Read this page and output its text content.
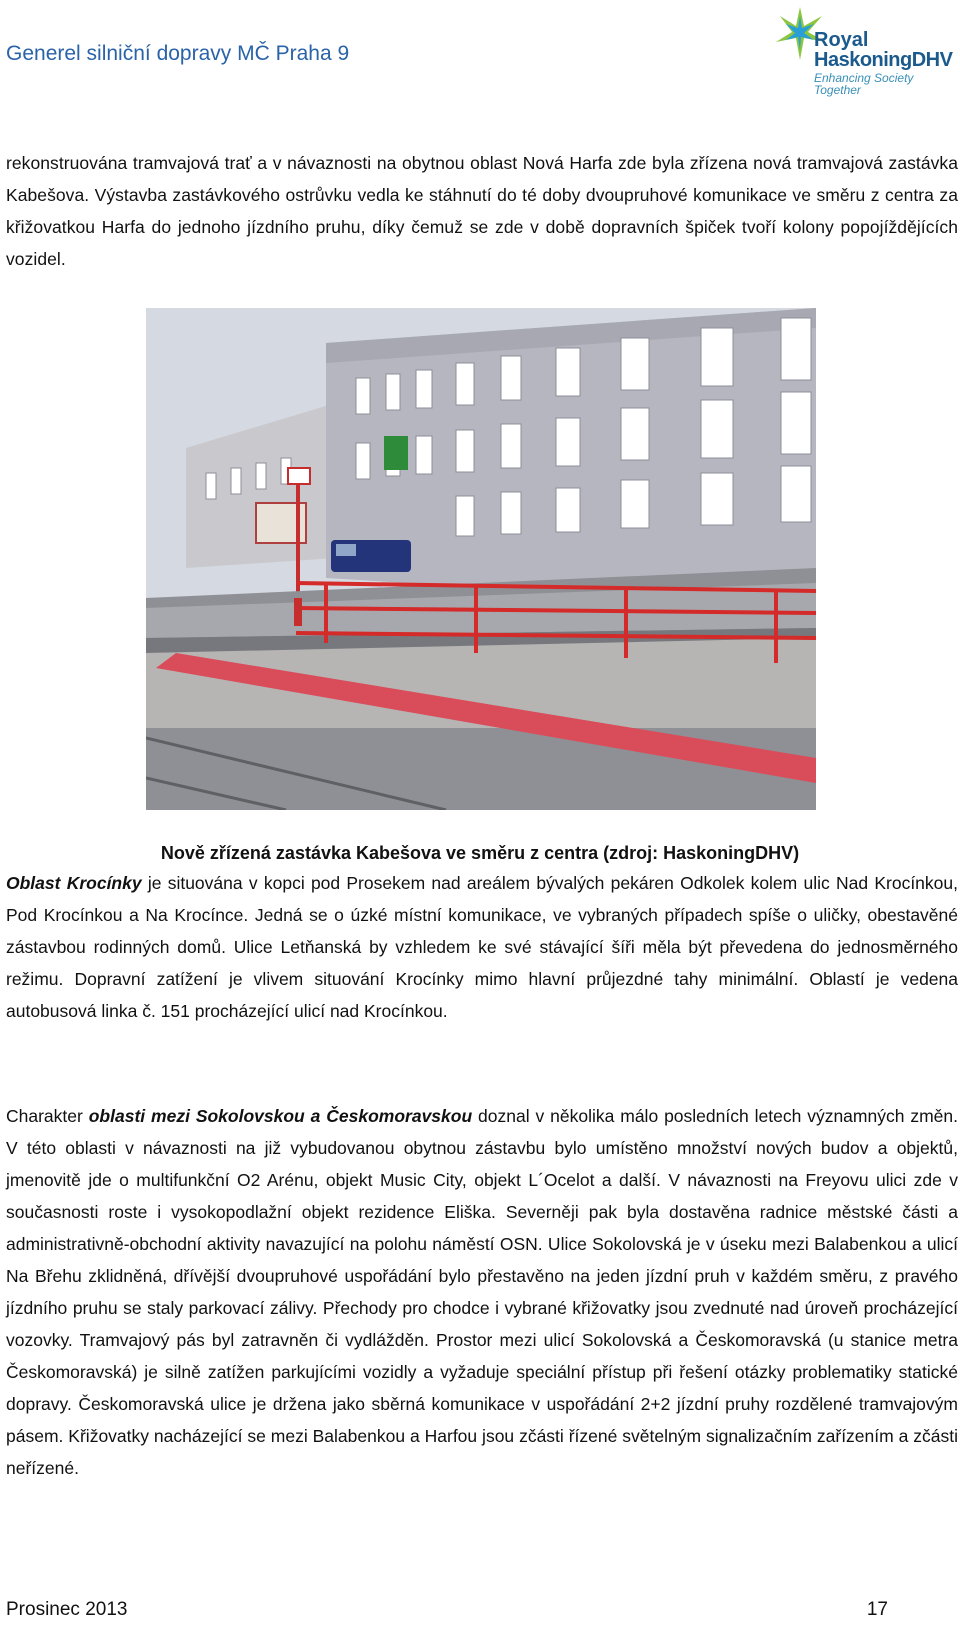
Generel silniční dopravy MČ Praha 9
Royal
HaskoningDHV
Enhancing Society Together

rekonstruována tramvajová trať a v návaznosti na obytnou oblast Nová Harfa zde byla zřízena nová tramvajová zastávka Kabešova. Výstavba zastávkového ostrůvku vedla ke stáhnutí do té doby dvoupruhové komunikace ve směru z centra za křižovatkou Harfa do jednoho jízdního pruhu, díky čemuž se zde v době dopravních špiček tvoří kolony popojíždějících vozidel.

Nově zřízená zastávka Kabešova ve směru z centra (zdroj: HaskoningDHV)

Oblast Krocínky je situována v kopci pod Prosekem nad areálem bývalých pekáren Odkolek kolem ulic Nad Krocínkou, Pod Krocínkou a Na Krocínce. Jedná se o úzké místní komunikace, ve vybraných případech spíše o uličky, obestavěné zástavbou rodinných domů. Ulice Letňanská by vzhledem ke své stávající šíři měla být převedena do jednosměrného režimu. Dopravní zatížení je vlivem situování Krocínky mimo hlavní průjezdné tahy minimální. Oblastí je vedena autobusová linka č. 151 procházející ulicí nad Krocínkou.

Charakter oblasti mezi Sokolovskou a Českomoravskou doznal v několika málo posledních letech významných změn. V této oblasti v návaznosti na již vybudovanou obytnou zástavbu bylo umístěno množství nových budov a objektů, jmenovitě jde o multifunkční O2 Arénu, objekt Music City, objekt L´Ocelot a další. V návaznosti na Freyovu ulici zde v současnosti roste i vysokopodlažní objekt rezidence Eliška. Severněji pak byla dostavěna radnice městské části a administrativně-obchodní aktivity navazující na polohu náměstí OSN. Ulice Sokolovská je v úseku mezi Balabenkou a ulicí Na Břehu zklidněná, dřívější dvoupruhové uspořádání bylo přestavěno na jeden jízdní pruh v každém směru, z pravého jízdního pruhu se staly parkovací zálivy. Přechody pro chodce i vybrané křižovatky jsou zvednuté nad úroveň procházející vozovky. Tramvajový pás byl zatravněn či vydlážděn. Prostor mezi ulicí Sokolovská a Českomoravská (u stanice metra Českomoravská) je silně zatížen parkujícími vozidly a vyžaduje speciální přístup při řešení otázky problematiky statické dopravy. Českomoravská ulice je držena jako sběrná komunikace v uspořádání 2+2 jízdní pruhy rozdělené tramvajovým pásem. Křižovatky nacházející se mezi Balabenkou a Harfou jsou zčásti řízené světelným signalizačním zařízením a zčásti neřízené.

Prosinec 2013	17
